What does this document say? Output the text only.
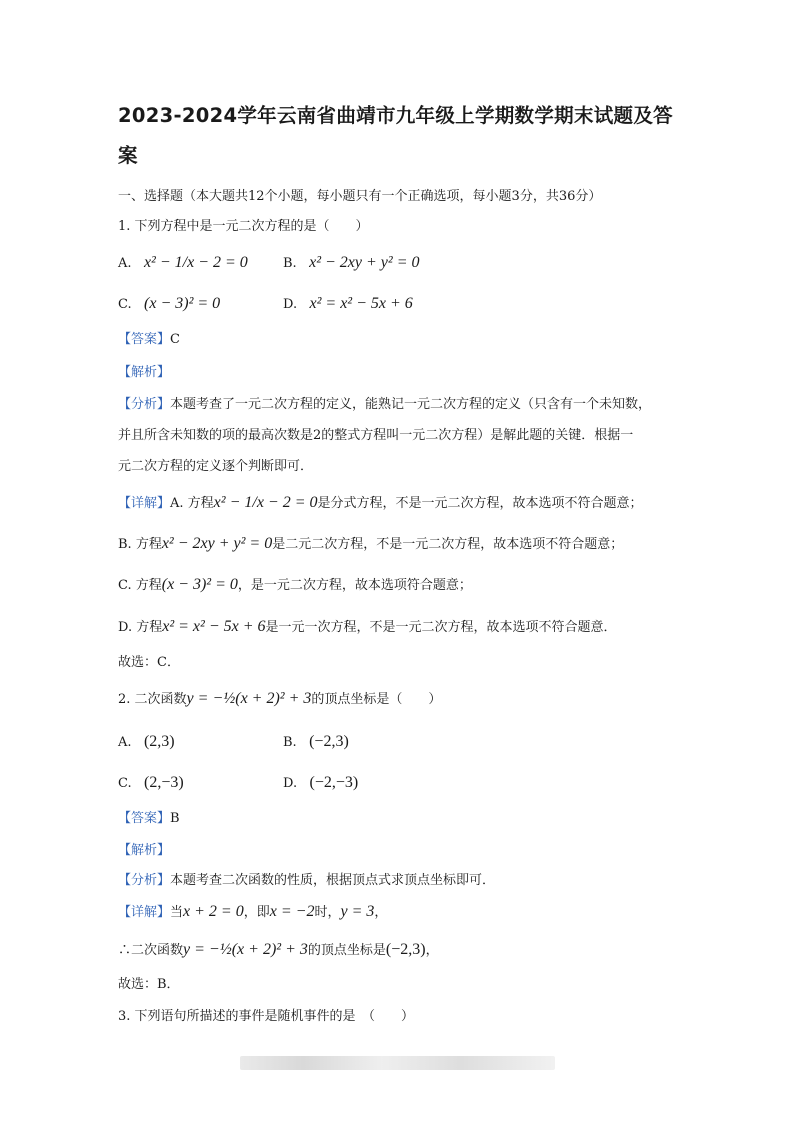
2023-2024学年云南省曲靖市九年级上学期数学期末试题及答案
一、选择题（本大题共12个小题，每小题只有一个正确选项，每小题3分，共36分）
1. 下列方程中是一元二次方程的是（　　）
A. x² − 1/x − 2 = 0	B. x² − 2xy + y² = 0
C. (x − 3)² = 0	D. x² = x² − 5x + 6
【答案】C
【解析】
【分析】本题考查了一元二次方程的定义，能熟记一元二次方程的定义（只含有一个未知数，
并且所含未知数的项的最高次数是2的整式方程叫一元二次方程）是解此题的关键．根据一
元二次方程的定义逐个判断即可．
【详解】A. 方程x² − 1/x − 2 = 0是分式方程，不是一元二次方程，故本选项不符合题意；
B. 方程x² − 2xy + y² = 0是二元二次方程，不是一元二次方程，故本选项不符合题意；
C. 方程(x − 3)² = 0，是一元二次方程，故本选项符合题意；
D. 方程x² = x² − 5x + 6是一元一次方程，不是一元二次方程，故本选项不符合题意．
故选：C．
2. 二次函数y = −½(x + 2)² + 3的顶点坐标是（　　）
A. (2,3)	B. (−2,3)
C. (2,−3)	D. (−2,−3)
【答案】B
【解析】
【分析】本题考查二次函数的性质，根据顶点式求顶点坐标即可．
【详解】当x + 2 = 0，即x = −2时，y = 3，
∴二次函数y = −½(x + 2)² + 3的顶点坐标是(−2,3)，
故选：B．
3. 下列语句所描述的事件是随机事件的是　（　　）
